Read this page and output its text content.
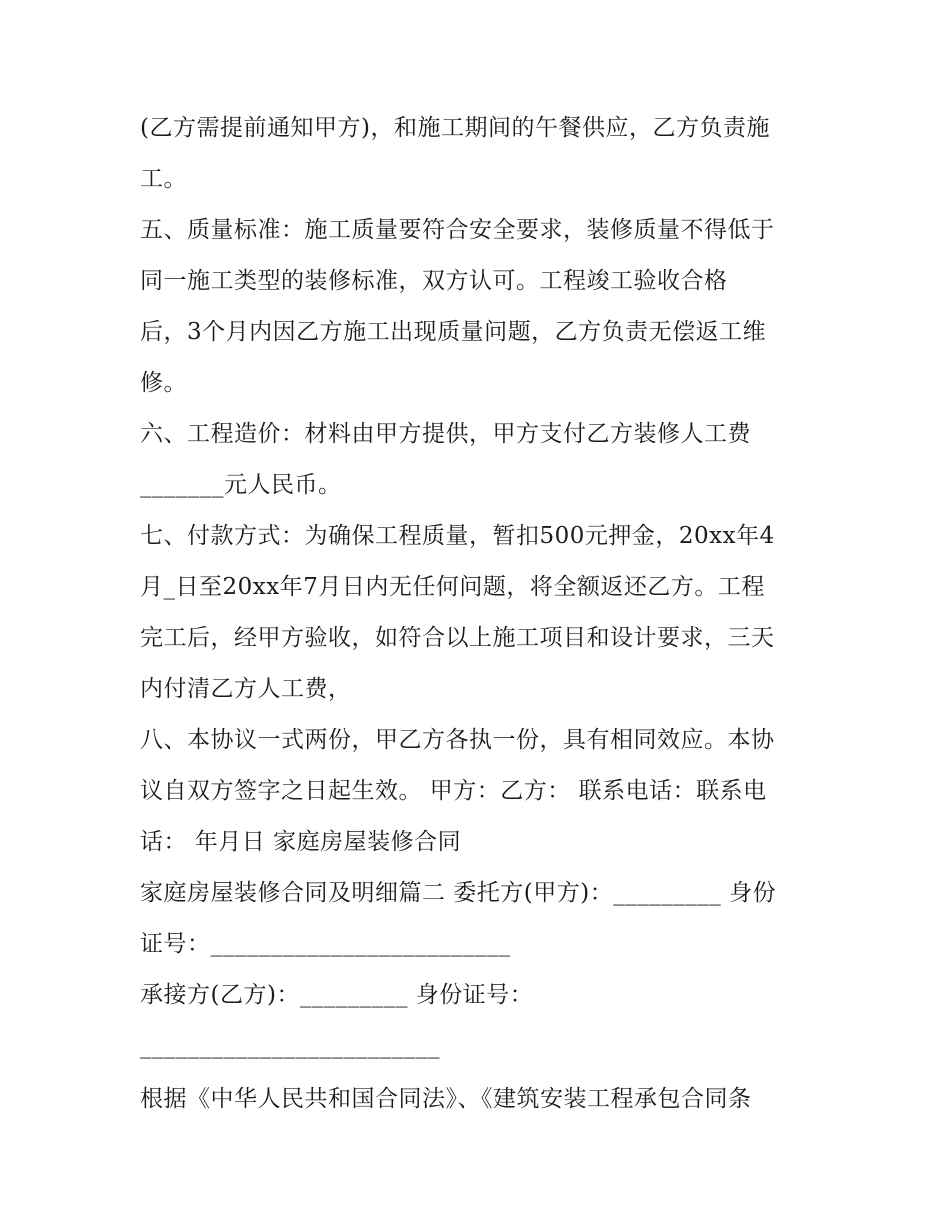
(乙方需提前通知甲方)，和施工期间的午餐供应，乙方负责施
工。
五、质量标准：施工质量要符合安全要求，装修质量不得低于
同一施工类型的装修标准，双方认可。工程竣工验收合格
后，3个月内因乙方施工出现质量问题，乙方负责无偿返工维
修。
六、工程造价：材料由甲方提供，甲方支付乙方装修人工费
_______元人民币。
七、付款方式：为确保工程质量，暂扣500元押金，20xx年4
月_日至20xx年7月日内无任何问题，将全额返还乙方。工程
完工后，经甲方验收，如符合以上施工项目和设计要求，三天
内付清乙方人工费，
八、本协议一式两份，甲乙方各执一份，具有相同效应。本协
议自双方签字之日起生效。 甲方：乙方： 联系电话：联系电
话： 年月日 家庭房屋装修合同
家庭房屋装修合同及明细篇二 委托方(甲方)：_________ 身份
证号：_________________________
承接方(乙方)：_________ 身份证号：
_________________________
根据《中华人民共和国合同法》、《建筑安装工程承包合同条
